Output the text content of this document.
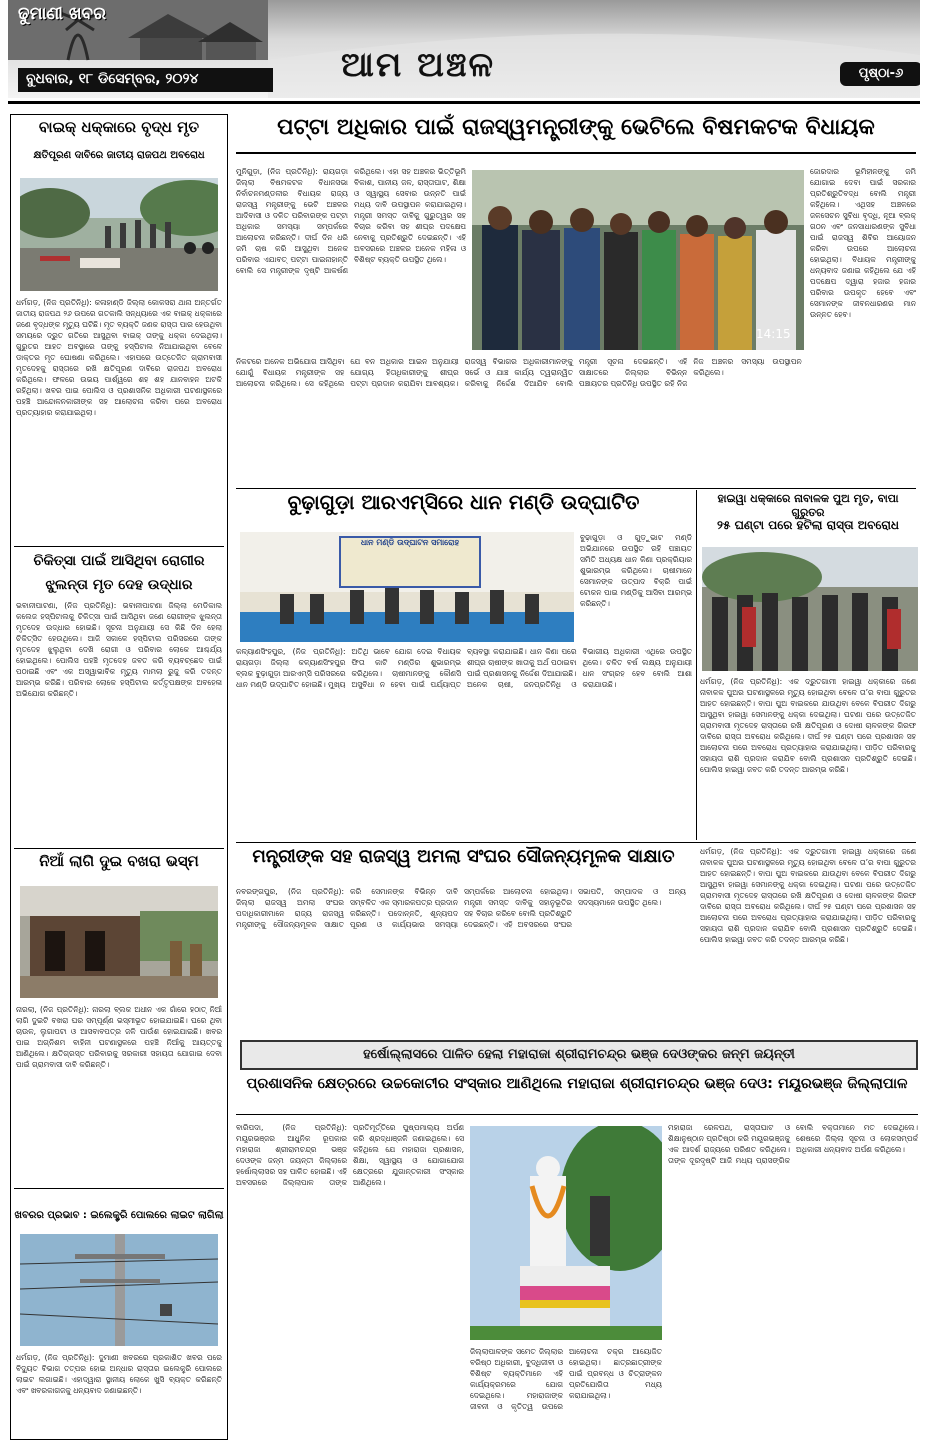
ଢୁମାଣୀ ଖବର
ବୁଧବାର, ୧୮ ଡିସେମ୍ବର, ୨୦୨୪	ଆମ ଅଞ୍ଚଳ	ପୃଷ୍ଠା-୬
ବାଇକ୍ ଧକ୍କାରେ ବୃଦ୍ଧ ମୃତ
କ୍ଷତିପୂରଣ ଦାବିରେ ଜାତୀୟ ରାଜପଥ ଅବରୋଧ
ଧର୍ମଗଡ଼, (ନିଜ ପ୍ରତିନିଧି): କଳାହାଣ୍ଡି ଜିଲ୍ଲା କୋକସରା ଥାନା ଅନ୍ତର୍ଗତ ଜାତୀୟ ରାଜପଥ ୨୬ ଉପରେ ଗତକାଲି ସନ୍ଧ୍ୟାରେ ଏକ ବାଇକ୍ ଧକ୍କାରେ ଜଣେ ବୃଦ୍ଧଙ୍କ ମୃତ୍ୟୁ ଘଟିଛି। ମୃତ ବ୍ୟକ୍ତି ଜଣକ ରାସ୍ତା ପାର ହେଉଥିବା ସମୟରେ ଦ୍ରୁତ ଗତିରେ ଆସୁଥିବା ବାଇକ୍ ତାଙ୍କୁ ଧକ୍କା ଦେଇଥିଲା। ଗୁରୁତର ଆହତ ଅବସ୍ଥାରେ ତାଙ୍କୁ ହସ୍ପିଟାଲ ନିଆଯାଇଥିବା ବେଳେ ଡାକ୍ତର ମୃତ ଘୋଷଣା କରିଥିଲେ। ଏହାପରେ ଉତ୍ତେଜିତ ଗ୍ରାମବାସୀ ମୃତଦେହକୁ ରାସ୍ତାରେ ରଖି କ୍ଷତିପୂରଣ ଦାବିରେ ରାଜପଥ ଅବରୋଧ କରିଥିଲେ। ଫଳରେ ଉଭୟ ପାର୍ଶ୍ୱରେ ଶହ ଶହ ଯାନବାହନ ଅଟକି ରହିଥିଲା। ଖବର ପାଇ ପୋଲିସ ଓ ପ୍ରଶାସନିକ ଅଧିକାରୀ ଘଟଣାସ୍ଥଳରେ ପହଞ୍ଚି ଆନ୍ଦୋଳନକାରୀଙ୍କ ସହ ଆଲୋଚନା କରିବା ପରେ ଅବରୋଧ ପ୍ରତ୍ୟାହାର କରାଯାଇଥିଲା।
ଚିକିତ୍ସା ପାଇଁ ଆସିଥିବା ରୋଗୀର ଝୁଲନ୍ତା ମୃତ ଦେହ ଉଦ୍ଧାର
ଭବାନୀପାଟଣା, (ନିଜ ପ୍ରତିନିଧି): ଭବାନୀପାଟଣା ଜିଲ୍ଲା ମେଡିକାଲ କଲେଜ ହସ୍ପିଟାଲକୁ ଚିକିତ୍ସା ପାଇଁ ଆସିଥିବା ଜଣେ ରୋଗୀଙ୍କ ଝୁଲନ୍ତା ମୃତଦେହ ଉଦ୍ଧାର ହୋଇଛି। ସୂଚନା ଅନୁଯାୟୀ ସେ କିଛି ଦିନ ହେଲା ଚିକିତ୍ସିତ ହେଉଥିଲେ। ଆଜି ସକାଳେ ହସ୍ପିଟାଲ ପରିସରରେ ତାଙ୍କ ମୃତଦେହ ଝୁଲୁଥିବା ଦେଖି ରୋଗୀ ଓ ପରିବାର ଲୋକେ ଆଶ୍ଚର୍ଯ୍ୟ ହୋଇଥିଲେ। ପୋଲିସ ପହଞ୍ଚି ମୃତଦେହ ଜବତ କରି ବ୍ୟବଚ୍ଛେଦ ପାଇଁ ପଠାଇଛି ଏବଂ ଏକ ଅସ୍ୱାଭାବିକ ମୃତ୍ୟୁ ମାମଲା ରୁଜୁ କରି ତଦନ୍ତ ଆରମ୍ଭ କରିଛି। ପରିବାର ଲୋକେ ହସ୍ପିଟାଲ କର୍ତ୍ତୃପକ୍ଷଙ୍କ ଅବହେଳା ଅଭିଯୋଗ କରିଛନ୍ତି।
ନିଆଁ ଲାଗି ଦୁଇ ବଖରା ଭସ୍ମ
ନାରଲା, (ନିଜ ପ୍ରତିନିଧି): ନାରଲା ବ୍ଲକ ଅଧୀନ ଏକ ଗାଁରେ ହଠାତ୍ ନିଆଁ ଲାଗି ଦୁଇଟି ବଖରା ଘର ସମ୍ପୂର୍ଣ୍ଣ ଭସ୍ମୀଭୂତ ହୋଇଯାଇଛି। ଘରେ ଥିବା ଚାଉଳ, ଲୁଗାପଟା ଓ ଆସବାବପତ୍ର ଜଳି ପାଉଁଶ ହୋଇଯାଇଛି। ଖବର ପାଇ ଅଗ୍ନିଶମ ବାହିନୀ ଘଟଣାସ୍ଥଳରେ ପହଞ୍ଚି ନିଆଁକୁ ଆୟତ୍ତକୁ ଆଣିଥିଲେ। କ୍ଷତିଗ୍ରସ୍ତ ପରିବାରକୁ ସରକାରୀ ସହାୟତା ଯୋଗାଇ ଦେବା ପାଇଁ ଗ୍ରାମବାସୀ ଦାବି କରିଛନ୍ତି।
ଖବରର ପ୍ରଭାବ : ଇଲେକ୍ଟ୍ରି ପୋଲରେ ଲାଇଟ ଲାଗିଲା
ଧର୍ମଗଡ଼, (ନିଜ ପ୍ରତିନିଧି): ଦୁମାଣୀ ଖବରରେ ପ୍ରକାଶିତ ଖବର ପରେ ବିଦ୍ୟୁତ ବିଭାଗ ତତ୍ପର ହୋଇ ଅନ୍ଧାର ରାସ୍ତାର ଇଲେକ୍ଟ୍ରି ପୋଲରେ ଲାଇଟ ଲଗାଇଛି। ଏହାଦ୍ୱାରା ସ୍ଥାନୀୟ ଲୋକେ ଖୁସି ବ୍ୟକ୍ତ କରିଛନ୍ତି ଏବଂ ଖବରକାଗଜକୁ ଧନ୍ୟବାଦ ଜଣାଇଛନ୍ତି।
ପଟ୍ଟା ଅଧିକାର ପାଇଁ ରାଜସ୍ୱମନ୍ତ୍ରୀଙ୍କୁ ଭେଟିଲେ ବିଷମକଟକ ବିଧାୟକ
ମୁନିଗୁଡ଼ା, (ନିଜ ପ୍ରତିନିଧି): ରାୟଗଡ଼ା ଜିଲ୍ଲା ବିଷମକଟକ ବିଧାନସଭା ନିର୍ବାଚନମଣ୍ଡଳୀର ବିଧାୟକ ରାଜ୍ୟ ରାଜସ୍ୱ ମନ୍ତ୍ରୀଙ୍କୁ ଭେଟି ଅଞ୍ଚଳର ଆଦିବାସୀ ଓ ଦଳିତ ପରିବାରଙ୍କ ପଟ୍ଟା ଅଧିକାର ସମସ୍ୟା ସମ୍ପର୍କରେ ଆଲୋଚନା କରିଛନ୍ତି। ଦୀର୍ଘ ଦିନ ଧରି ଜମି ଚାଷ କରି ଆସୁଥିବା ଅନେକ ପରିବାର ଏଯାବତ୍ ପଟ୍ଟା ପାଇନାହାନ୍ତି ବୋଲି ସେ ମନ୍ତ୍ରୀଙ୍କ ଦୃଷ୍ଟି ଆକର୍ଷଣ କରିଥିଲେ। ଏହା ସହ ଅଞ୍ଚଳର ଭିତ୍ତିଭୂମି ବିକାଶ, ପାନୀୟ ଜଳ, ରାସ୍ତାଘାଟ, ଶିକ୍ଷା ଓ ସ୍ୱାସ୍ଥ୍ୟ ସେବାର ଉନ୍ନତି ପାଇଁ ମଧ୍ୟ ଦାବି ଉପସ୍ଥାପନ କରାଯାଇଥିଲା। ମନ୍ତ୍ରୀ ସମସ୍ତ ଦାବିକୁ ଗୁରୁତ୍ୱର ସହ ବିଚାର କରିବା ସହ ଶୀଘ୍ର ପଦକ୍ଷେପ ନେବାକୁ ପ୍ରତିଶ୍ରୁତି ଦେଇଛନ୍ତି। ଏହି ଅବସରରେ ଅଞ୍ଚଳର ଅନେକ ମହିଳା ଓ ବିଶିଷ୍ଟ ବ୍ୟକ୍ତି ଉପସ୍ଥିତ ଥିଲେ।
14:15
ଜୋରଦାର ଭୂମିହୀନଙ୍କୁ ଜମି ଯୋଗାଇ ଦେବା ପାଇଁ ସରକାର ପ୍ରତିଶ୍ରୁତିବଦ୍ଧ ବୋଲି ମନ୍ତ୍ରୀ କହିଥିଲେ। ଏଥିସହ ଅଞ୍ଚଳରେ ଜଳସେଚନ ସୁବିଧା ବୃଦ୍ଧି, ନୂଆ ବ୍ଲକ୍ ଗଠନ ଏବଂ ଜନସାଧାରଣଙ୍କ ସୁବିଧା ପାଇଁ ରାଜସ୍ୱ ଶିବିର ଆୟୋଜନ କରିବା ଉପରେ ଆଲୋଚନା ହୋଇଥିଲା। ବିଧାୟକ ମନ୍ତ୍ରୀଙ୍କୁ ଧନ୍ୟବାଦ ଜଣାଇ କହିଥିଲେ ଯେ ଏହି ପଦକ୍ଷେପ ଦ୍ୱାରା ହଜାର ହଜାର ପରିବାର ଉପକୃତ ହେବେ ଏବଂ ସେମାନଙ୍କ ଜୀବନଧାରଣର ମାନ ଉନ୍ନତ ହେବ।
ନିକଟରେ ଅନେକ ଅଭିଯୋଗ ଆସିଥିବା ଯୋଗୁଁ ବିଧାୟକ ମନ୍ତ୍ରୀଙ୍କ ସହ ଆଲୋଚନା କରିଥିଲେ। ସେ କହିଥିଲେ ଯେ ବନ ଅଧିକାର ଆଇନ ଅନୁଯାୟୀ ଯୋଗ୍ୟ ହିତାଧିକାରୀଙ୍କୁ ଶୀଘ୍ର ପଟ୍ଟା ପ୍ରଦାନ କରାଯିବା ଆବଶ୍ୟକ। ରାଜସ୍ୱ ବିଭାଗର ଅଧିକାରୀମାନଙ୍କୁ ସର୍ଭେ ଓ ଯାଞ୍ଚ କାର୍ଯ୍ୟ ତ୍ୱରାନ୍ୱିତ କରିବାକୁ ନିର୍ଦ୍ଦେଶ ଦିଆଯିବ ବୋଲି ମନ୍ତ୍ରୀ ସୂଚନା ଦେଇଛନ୍ତି। ଏହି ସାକ୍ଷାତରେ ଜିଲ୍ଲାର ବିଭିନ୍ନ ପଞ୍ଚାୟତର ପ୍ରତିନିଧି ଉପସ୍ଥିତ ରହି ନିଜ ନିଜ ଅଞ୍ଚଳର ସମସ୍ୟା ଉପସ୍ଥାପନ କରିଥିଲେ।
ବୁଢ଼ାଗୁଡ଼ା ଆରଏମ୍‌ସିରେ ଧାନ ମଣ୍ଡି ଉଦ୍‌ଘାଟିତ
ଧାନ ମଣ୍ଡି ଉଦ୍‌ଘାଟନ ସମାରୋହ
ବୁଢ଼ାଗୁଡ଼ା ଓ ଗୁଡ଼ୁଭାଟ ମଣ୍ଡି ଅଭିଯାନରେ ଉପସ୍ଥିତ ରହି ପଞ୍ଚାୟତ ସମିତି ଅଧ୍ୟକ୍ଷ ଧାନ କିଣା ପ୍ରକ୍ରିୟାର ଶୁଭାରମ୍ଭ କରିଥିଲେ। ଚାଷୀମାନେ ସେମାନଙ୍କ ଉତ୍ପାଦ ବିକ୍ରି ପାଇଁ ଟୋକନ ପାଇ ମଣ୍ଡିକୁ ଆସିବା ଆରମ୍ଭ କରିଛନ୍ତି।
କଳ୍ୟାଣସିଂହପୁର, (ନିଜ ପ୍ରତିନିଧି): ରାୟଗଡ଼ା ଜିଲ୍ଲା କଳ୍ୟାଣସିଂହପୁର ବ୍ଲକ ବୁଢ଼ାଗୁଡ଼ା ଆରଏମ୍‌ସି ପରିସରରେ ଧାନ ମଣ୍ଡି ଉଦ୍‌ଘାଟିତ ହୋଇଛି। ମୁଖ୍ୟ ଅତିଥି ଭାବେ ଯୋଗ ଦେଇ ବିଧାୟକ ଫିତା କାଟି ମଣ୍ଡିର ଶୁଭାରମ୍ଭ କରିଥିଲେ। ଚାଷୀମାନଙ୍କୁ କୌଣସି ଅସୁବିଧା ନ ହେବା ପାଇଁ ପର୍ଯ୍ୟାପ୍ତ ବ୍ୟବସ୍ଥା କରାଯାଇଛି। ଧାନ କିଣା ପରେ ଶୀଘ୍ର ଚାଷୀଙ୍କ ଖାତାକୁ ଅର୍ଥ ପଠାଇବା ପାଇଁ ପ୍ରଶାସନକୁ ନିର୍ଦ୍ଦେଶ ଦିଆଯାଇଛି। ଅନେକ ଚାଷୀ, ଜନପ୍ରତିନିଧି ଓ ବିଭାଗୀୟ ଅଧିକାରୀ ଏଥିରେ ଉପସ୍ଥିତ ଥିଲେ। ଚଳିତ ବର୍ଷ ଲକ୍ଷ୍ୟ ଅନୁଯାୟୀ ଧାନ ସଂଗ୍ରହ ହେବ ବୋଲି ଆଶା କରାଯାଉଛି।
ହାଇୱା ଧକ୍କାରେ ନାବାଳକ ପୁଅ ମୃତ, ବାପା ଗୁରୁତର
୨୫ ଘଣ୍ଟା ପରେ ହଟିଲା ରାସ୍ତା ଅବରୋଧ
ଧର୍ମଗଡ଼, (ନିଜ ପ୍ରତିନିଧି): ଏକ ଦ୍ରୁତଗାମୀ ହାଇୱା ଧକ୍କାରେ ଜଣେ ନାବାଳକ ପୁଅର ଘଟଣାସ୍ଥଳରେ ମୃତ୍ୟୁ ହୋଇଥିବା ବେଳେ ତା’ର ବାପା ଗୁରୁତର ଆହତ ହୋଇଛନ୍ତି। ବାପା ପୁଅ ବାଇକରେ ଯାଉଥିବା ବେଳେ ବିପରୀତ ଦିଗରୁ ଆସୁଥିବା ହାଇୱା ସେମାନଙ୍କୁ ଧକ୍କା ଦେଇଥିଲା। ଘଟଣା ପରେ ଉତ୍ତେଜିତ ଗ୍ରାମବାସୀ ମୃତଦେହ ରାସ୍ତାରେ ରଖି କ୍ଷତିପୂରଣ ଓ ଦୋଷୀ ଚାଳକଙ୍କ ଗିରଫ ଦାବିରେ ରାସ୍ତା ଅବରୋଧ କରିଥିଲେ। ଦୀର୍ଘ ୨୫ ଘଣ୍ଟା ପରେ ପ୍ରଶାସନ ସହ ଆଲୋଚନା ପରେ ଅବରୋଧ ପ୍ରତ୍ୟାହାର କରାଯାଇଥିଲା। ପୀଡ଼ିତ ପରିବାରକୁ ସହାୟତା ରାଶି ପ୍ରଦାନ କରାଯିବ ବୋଲି ପ୍ରଶାସନ ପ୍ରତିଶ୍ରୁତି ଦେଇଛି। ପୋଲିସ ହାଇୱା ଜବତ କରି ତଦନ୍ତ ଆରମ୍ଭ କରିଛି।
ମନ୍ତ୍ରୀଙ୍କ ସହ ରାଜସ୍ୱ ଅମଲା ସଂଘର ସୌଜନ୍ୟମୂଳକ ସାକ୍ଷାତ
ନବରଙ୍ଗପୁର, (ନିଜ ପ୍ରତିନିଧି): ଜିଲ୍ଲା ରାଜସ୍ୱ ଅମଲା ସଂଘର ପଦାଧିକାରୀମାନେ ରାଜ୍ୟ ରାଜସ୍ୱ ମନ୍ତ୍ରୀଙ୍କୁ ସୌଜନ୍ୟମୂଳକ ସାକ୍ଷାତ କରି ସେମାନଙ୍କ ବିଭିନ୍ନ ଦାବି ସମ୍ବଳିତ ଏକ ସ୍ମାରକପତ୍ର ପ୍ରଦାନ କରିଛନ୍ତି। ପଦୋନ୍ନତି, ଶୂନ୍ୟପଦ ପୂରଣ ଓ କାର୍ଯ୍ୟଭାର ସମସ୍ୟା ସମ୍ପର୍କରେ ଆଲୋଚନା ହୋଇଥିଲା। ମନ୍ତ୍ରୀ ସମସ୍ତ ଦାବିକୁ ସହାନୁଭୂତିର ସହ ବିଚାର କରିବେ ବୋଲି ପ୍ରତିଶ୍ରୁତି ଦେଇଛନ୍ତି। ଏହି ଅବସରରେ ସଂଘର ସଭାପତି, ସମ୍ପାଦକ ଓ ଅନ୍ୟ ସଦସ୍ୟମାନେ ଉପସ୍ଥିତ ଥିଲେ।
ଧର୍ମଗଡ଼, (ନିଜ ପ୍ରତିନିଧି): ଏକ ଦ୍ରୁତଗାମୀ ହାଇୱା ଧକ୍କାରେ ଜଣେ ନାବାଳକ ପୁଅର ଘଟଣାସ୍ଥଳରେ ମୃତ୍ୟୁ ହୋଇଥିବା ବେଳେ ତା’ର ବାପା ଗୁରୁତର ଆହତ ହୋଇଛନ୍ତି। ବାପା ପୁଅ ବାଇକରେ ଯାଉଥିବା ବେଳେ ବିପରୀତ ଦିଗରୁ ଆସୁଥିବା ହାଇୱା ସେମାନଙ୍କୁ ଧକ୍କା ଦେଇଥିଲା। ଘଟଣା ପରେ ଉତ୍ତେଜିତ ଗ୍ରାମବାସୀ ମୃତଦେହ ରାସ୍ତାରେ ରଖି କ୍ଷତିପୂରଣ ଓ ଦୋଷୀ ଚାଳକଙ୍କ ଗିରଫ ଦାବିରେ ରାସ୍ତା ଅବରୋଧ କରିଥିଲେ। ଦୀର୍ଘ ୨୫ ଘଣ୍ଟା ପରେ ପ୍ରଶାସନ ସହ ଆଲୋଚନା ପରେ ଅବରୋଧ ପ୍ରତ୍ୟାହାର କରାଯାଇଥିଲା। ପୀଡ଼ିତ ପରିବାରକୁ ସହାୟତା ରାଶି ପ୍ରଦାନ କରାଯିବ ବୋଲି ପ୍ରଶାସନ ପ୍ରତିଶ୍ରୁତି ଦେଇଛି। ପୋଲିସ ହାଇୱା ଜବତ କରି ତଦନ୍ତ ଆରମ୍ଭ କରିଛି।
ହର୍ଷୋଲ୍ଲାସରେ ପାଳିତ ହେଲା ମହାରାଜା ଶ୍ରୀରାମଚନ୍ଦ୍ର ଭଞ୍ଜ ଦେଓଙ୍କର ଜନ୍ମ ଜୟନ୍ତୀ
ପ୍ରଶାସନିକ କ୍ଷେତ୍ରରେ ଉଚ୍ଚକୋଟୀର ସଂସ୍କାର ଆଣିଥିଲେ ମହାରାଜା ଶ୍ରୀରାମଚନ୍ଦ୍ର ଭଞ୍ଜ ଦେଓ: ମୟୂରଭଞ୍ଜ ଜିଲ୍ଲାପାଳ
ବାରିପଦା, (ନିଜ ପ୍ରତିନିଧି): ମୟୂରଭଞ୍ଜର ଆଧୁନିକ ରୂପକାର ମହାରାଜା ଶ୍ରୀରାମଚନ୍ଦ୍ର ଭଞ୍ଜ ଦେଓଙ୍କ ଜନ୍ମ ଜୟନ୍ତୀ ଜିଲ୍ଲାରେ ହର୍ଷୋଲ୍ଲାସର ସହ ପାଳିତ ହୋଇଛି। ଏହି ଅବସରରେ ଜିଲ୍ଲାପାଳ ତାଙ୍କ ପ୍ରତିମୂର୍ତ୍ତିରେ ପୁଷ୍ପମାଲ୍ୟ ଅର୍ପଣ କରି ଶ୍ରଦ୍ଧାଞ୍ଜଳି ଜଣାଇଥିଲେ। ସେ କହିଥିଲେ ଯେ ମହାରାଜା ପ୍ରଶାସନ, ଶିକ୍ଷା, ସ୍ୱାସ୍ଥ୍ୟ ଓ ଯୋଗାଯୋଗ କ୍ଷେତ୍ରରେ ଯୁଗାନ୍ତକାରୀ ସଂସ୍କାର ଆଣିଥିଲେ।
ଜିଲ୍ଲାପାଳଙ୍କ ସମେତ ଜିଲ୍ଲାର ବରିଷ୍ଠ ଅଧିକାରୀ, ବୁଦ୍ଧିଜୀବୀ ଓ ବିଶିଷ୍ଟ ବ୍ୟକ୍ତିମାନେ ଏହି କାର୍ଯ୍ୟକ୍ରମରେ ଯୋଗ ଦେଇଥିଲେ। ମହାରାଜାଙ୍କ ଜୀବନୀ ଓ କୃତିତ୍ୱ ଉପରେ ଆଲୋଚନା ଚକ୍ର ଆୟୋଜିତ ହୋଇଥିଲା। ଛାତ୍ରଛାତ୍ରୀଙ୍କ ପାଇଁ ପ୍ରବନ୍ଧ ଓ ଚିତ୍ରାଙ୍କନ ପ୍ରତିଯୋଗିତା ମଧ୍ୟ କରାଯାଇଥିଲା।
ମହାରାଜା ରେଳପଥ, ରାସ୍ତାଘାଟ ଓ ଶିକ୍ଷାନୁଷ୍ଠାନ ପ୍ରତିଷ୍ଠା କରି ମୟୂରଭଞ୍ଜକୁ ଏକ ଆଦର୍ଶ ରାଜ୍ୟରେ ପରିଣତ କରିଥିଲେ। ତାଙ୍କ ଦୂରଦୃଷ୍ଟି ଆଜି ମଧ୍ୟ ପ୍ରାସଙ୍ଗିକ ବୋଲି ବକ୍ତାମାନେ ମତ ଦେଇଥିଲେ। ଶେଷରେ ଜିଲ୍ଲା ସୂଚନା ଓ ଲୋକସମ୍ପର୍କ ଅଧିକାରୀ ଧନ୍ୟବାଦ ଅର୍ପଣ କରିଥିଲେ।
